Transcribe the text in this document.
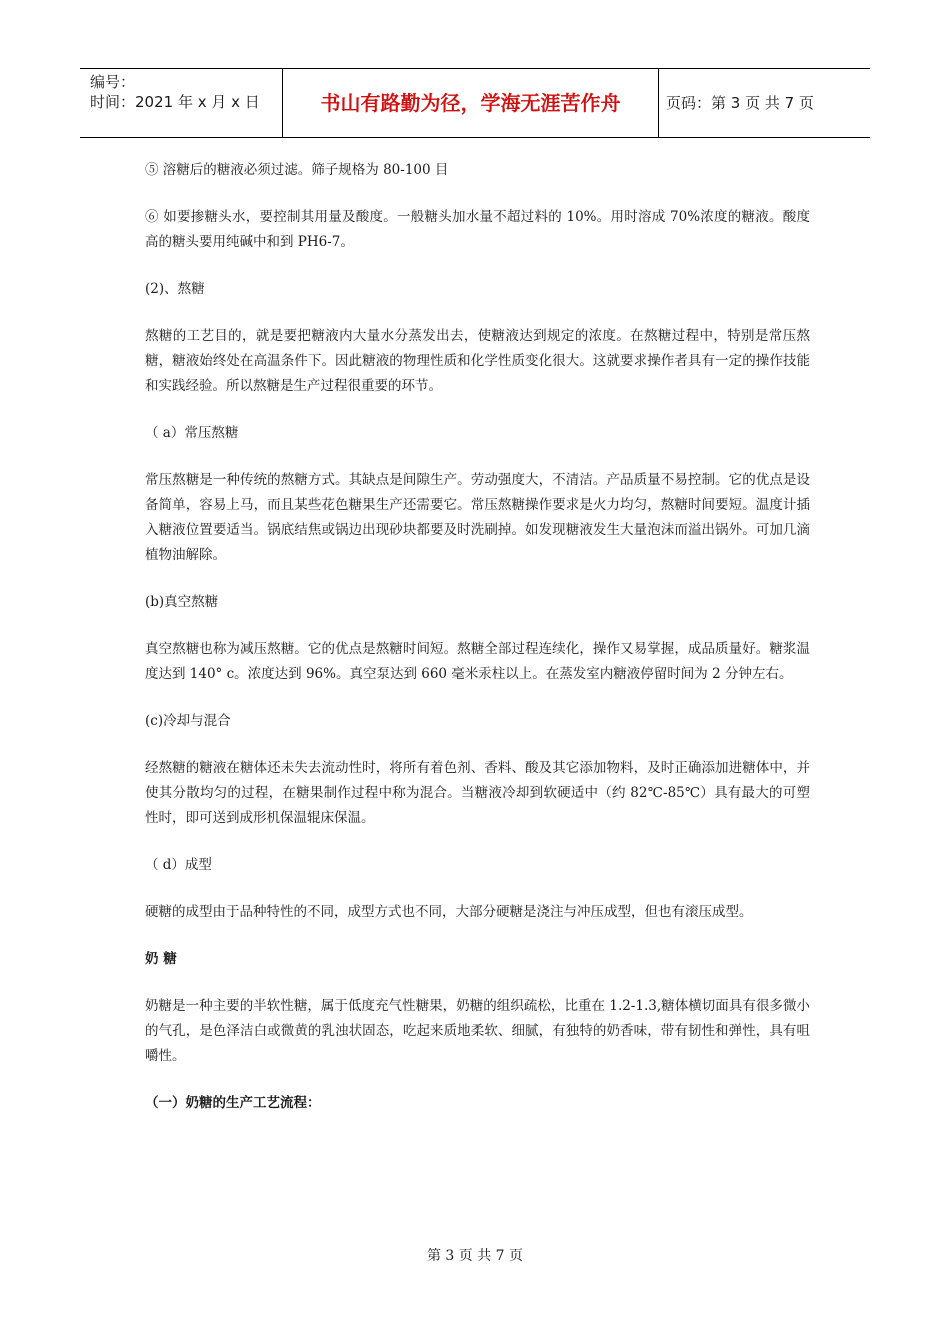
编号：
时间：2021 年 x 月 x 日	书山有路勤为径，学海无涯苦作舟	页码：第 3 页 共 7 页

⑤ 溶糖后的糖液必须过滤。筛子规格为 80-100 目

⑥ 如要掺糖头水，要控制其用量及酸度。一般糖头加水量不超过料的 10%。用时溶成 70%浓度的糖液。酸度高的糖头要用纯碱中和到 PH6-7。

(2)、熬糖

熬糖的工艺目的，就是要把糖液内大量水分蒸发出去，使糖液达到规定的浓度。在熬糖过程中，特别是常压熬糖，糖液始终处在高温条件下。因此糖液的物理性质和化学性质变化很大。这就要求操作者具有一定的操作技能和实践经验。所以熬糖是生产过程很重要的环节。

（ a）常压熬糖

常压熬糖是一种传统的熬糖方式。其缺点是间隙生产。劳动强度大，不清洁。产品质量不易控制。它的优点是设备简单，容易上马，而且某些花色糖果生产还需要它。常压熬糖操作要求是火力均匀，熬糖时间要短。温度计插入糖液位置要适当。锅底结焦或锅边出现砂块都要及时洗刷掉。如发现糖液发生大量泡沫而溢出锅外。可加几滴植物油解除。

(b)真空熬糖

真空熬糖也称为减压熬糖。它的优点是熬糖时间短。熬糖全部过程连续化，操作又易掌握，成品质量好。糖浆温度达到 140° c。浓度达到 96%。真空泵达到 660 毫米汞柱以上。在蒸发室内糖液停留时间为 2 分钟左右。

(c)冷却与混合

经熬糖的糖液在糖体还未失去流动性时，将所有着色剂、香料、酸及其它添加物料，及时正确添加进糖体中，并使其分散均匀的过程，在糖果制作过程中称为混合。当糖液冷却到软硬适中（约 82℃-85℃）具有最大的可塑性时，即可送到成形机保温辊床保温。

（ d）成型

硬糖的成型由于品种特性的不同，成型方式也不同，大部分硬糖是浇注与冲压成型，但也有滚压成型。

奶 糖

奶糖是一种主要的半软性糖，属于低度充气性糖果，奶糖的组织疏松，比重在 1.2-1.3,糖体横切面具有很多微小的气孔，是色泽洁白或微黄的乳浊状固态，吃起来质地柔软、细腻，有独特的奶香味，带有韧性和弹性，具有咀嚼性。

（一）奶糖的生产工艺流程：

第 3 页 共 7 页
